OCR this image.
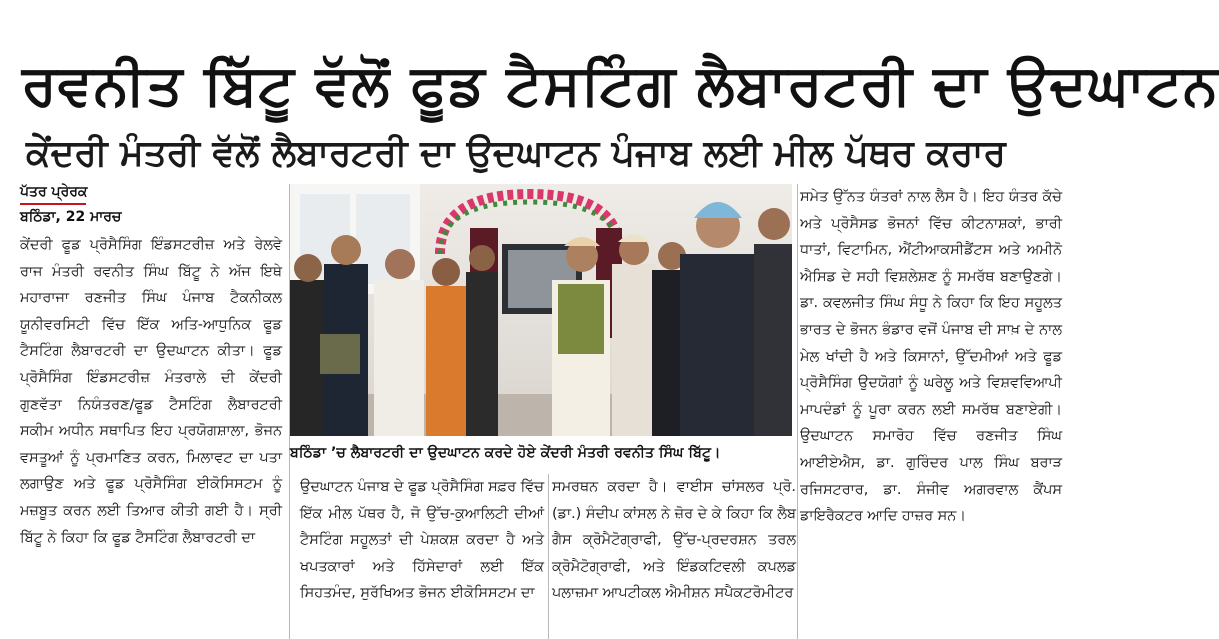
ਰਵਨੀਤ ਬਿੱਟੂ ਵੱਲੋਂ ਫੂਡ ਟੈਸਟਿੰਗ ਲੈਬਾਰਟਰੀ ਦਾ ਉਦਘਾਟਨ
ਕੇਂਦਰੀ ਮੰਤਰੀ ਵੱਲੋਂ ਲੈਬਾਰਟਰੀ ਦਾ ਉਦਘਾਟਨ ਪੰਜਾਬ ਲਈ ਮੀਲ ਪੱਥਰ ਕਰਾਰ
ਪੱਤਰ ਪ੍ਰੇਰਕ
ਬਠਿੰਡਾ, 22 ਮਾਰਚ

ਕੇਂਦਰੀ ਫੂਡ ਪ੍ਰੋਸੈਸਿੰਗ ਇੰਡਸਟਰੀਜ਼ ਅਤੇ ਰੇਲਵੇ ਰਾਜ ਮੰਤਰੀ ਰਵਨੀਤ ਸਿੰਘ ਬਿੱਟੂ ਨੇ ਅੱਜ ਇਥੇ ਮਹਾਰਾਜਾ ਰਣਜੀਤ ਸਿੰਘ ਪੰਜਾਬ ਟੈਕਨੀਕਲ ਯੂਨੀਵਰਸਿਟੀ ਵਿੱਚ ਇੱਕ ਅਤਿ-ਆਧੁਨਿਕ ਫੂਡ ਟੈਸਟਿੰਗ ਲੈਬਾਰਟਰੀ ਦਾ ਉਦਘਾਟਨ ਕੀਤਾ। ਫੂਡ ਪ੍ਰੋਸੈਸਿੰਗ ਇੰਡਸਟਰੀਜ਼ ਮੰਤਰਾਲੇ ਦੀ ਕੇਂਦਰੀ ਗੁਣਵੱਤਾ ਨਿਯੰਤਰਣ/ਫੂਡ ਟੈਸਟਿੰਗ ਲੈਬਾਰਟਰੀ ਸਕੀਮ ਅਧੀਨ ਸਥਾਪਿਤ ਇਹ ਪ੍ਰਯੋਗਸ਼ਾਲਾ, ਭੋਜਨ ਵਸਤੂਆਂ ਨੂੰ ਪ੍ਰਮਾਣਿਤ ਕਰਨ, ਮਿਲਾਵਟ ਦਾ ਪਤਾ ਲਗਾਉਣ ਅਤੇ ਫੂਡ ਪ੍ਰੋਸੈਸਿੰਗ ਈਕੋਸਿਸਟਮ ਨੂੰ ਮਜ਼ਬੂਤ ਕਰਨ ਲਈ ਤਿਆਰ ਕੀਤੀ ਗਈ ਹੈ। ਸ੍ਰੀ ਬਿੱਟੂ ਨੇ ਕਿਹਾ ਕਿ ਫੂਡ ਟੈਸਟਿੰਗ ਲੈਬਾਰਟਰੀ ਦਾ

ਬਠਿੰਡਾ ’ਚ ਲੈਬਾਰਟਰੀ ਦਾ ਉਦਘਾਟਨ ਕਰਦੇ ਹੋਏ ਕੇਂਦਰੀ ਮੰਤਰੀ ਰਵਨੀਤ ਸਿੰਘ ਬਿੱਟੂ।

ਉਦਘਾਟਨ ਪੰਜਾਬ ਦੇ ਫੂਡ ਪ੍ਰੋਸੈਸਿੰਗ ਸਫ਼ਰ ਵਿੱਚ ਇੱਕ ਮੀਲ ਪੱਥਰ ਹੈ, ਜੋ ਉੱਚ-ਕੁਆਲਿਟੀ ਦੀਆਂ ਟੈਸਟਿੰਗ ਸਹੂਲਤਾਂ ਦੀ ਪੇਸ਼ਕਸ਼ ਕਰਦਾ ਹੈ ਅਤੇ ਖਪਤਕਾਰਾਂ ਅਤੇ ਹਿੱਸੇਦਾਰਾਂ ਲਈ ਇੱਕ ਸਿਹਤਮੰਦ, ਸੁਰੱਖਿਅਤ ਭੋਜਨ ਈਕੋਸਿਸਟਮ ਦਾ

ਸਮਰਥਨ ਕਰਦਾ ਹੈ। ਵਾਈਸ ਚਾਂਸਲਰ ਪ੍ਰੋ. (ਡਾ.) ਸੰਦੀਪ ਕਾਂਸਲ ਨੇ ਜ਼ੋਰ ਦੇ ਕੇ ਕਿਹਾ ਕਿ ਲੈਬ ਗੈਸ ਕ੍ਰੋਮੈਟੋਗ੍ਰਾਫੀ, ਉੱਚ-ਪ੍ਰਦਰਸ਼ਨ ਤਰਲ ਕ੍ਰੋਮੈਟੋਗ੍ਰਾਫੀ, ਅਤੇ ਇੰਡਕਟਿਵਲੀ ਕਪਲਡ ਪਲਾਜ਼ਮਾ ਆਪਟੀਕਲ ਐਮੀਸ਼ਨ ਸਪੈਕਟਰੋਮੀਟਰ

ਸਮੇਤ ਉੱਨਤ ਯੰਤਰਾਂ ਨਾਲ ਲੈਸ ਹੈ। ਇਹ ਯੰਤਰ ਕੱਚੇ ਅਤੇ ਪ੍ਰੋਸੈਸਡ ਭੋਜਨਾਂ ਵਿੱਚ ਕੀਟਨਾਸ਼ਕਾਂ, ਭਾਰੀ ਧਾਤਾਂ, ਵਿਟਾਮਿਨ, ਐਂਟੀਆਕਸੀਡੈਂਟਸ ਅਤੇ ਅਮੀਨੋ ਐਸਿਡ ਦੇ ਸਹੀ ਵਿਸ਼ਲੇਸ਼ਣ ਨੂੰ ਸਮਰੱਥ ਬਣਾਉਣਗੇ। ਡਾ. ਕਵਲਜੀਤ ਸਿੰਘ ਸੰਧੂ ਨੇ ਕਿਹਾ ਕਿ ਇਹ ਸਹੂਲਤ ਭਾਰਤ ਦੇ ਭੋਜਨ ਭੰਡਾਰ ਵਜੋਂ ਪੰਜਾਬ ਦੀ ਸਾਖ਼ ਦੇ ਨਾਲ ਮੇਲ ਖਾਂਦੀ ਹੈ ਅਤੇ ਕਿਸਾਨਾਂ, ਉੱਦਮੀਆਂ ਅਤੇ ਫੂਡ ਪ੍ਰੋਸੈਸਿੰਗ ਉਦਯੋਗਾਂ ਨੂੰ ਘਰੇਲੂ ਅਤੇ ਵਿਸ਼ਵਵਿਆਪੀ ਮਾਪਦੰਡਾਂ ਨੂੰ ਪੂਰਾ ਕਰਨ ਲਈ ਸਮਰੱਥ ਬਣਾਏਗੀ। ਉਦਘਾਟਨ ਸਮਾਰੋਹ ਵਿੱਚ ਰਣਜੀਤ ਸਿੰਘ ਆਈਏਐਸ, ਡਾ. ਗੁਰਿੰਦਰ ਪਾਲ ਸਿੰਘ ਬਰਾੜ ਰਜਿਸਟਰਾਰ, ਡਾ. ਸੰਜੀਵ ਅਗਰਵਾਲ ਕੈਂਪਸ ਡਾਇਰੈਕਟਰ ਆਦਿ ਹਾਜ਼ਰ ਸਨ।
